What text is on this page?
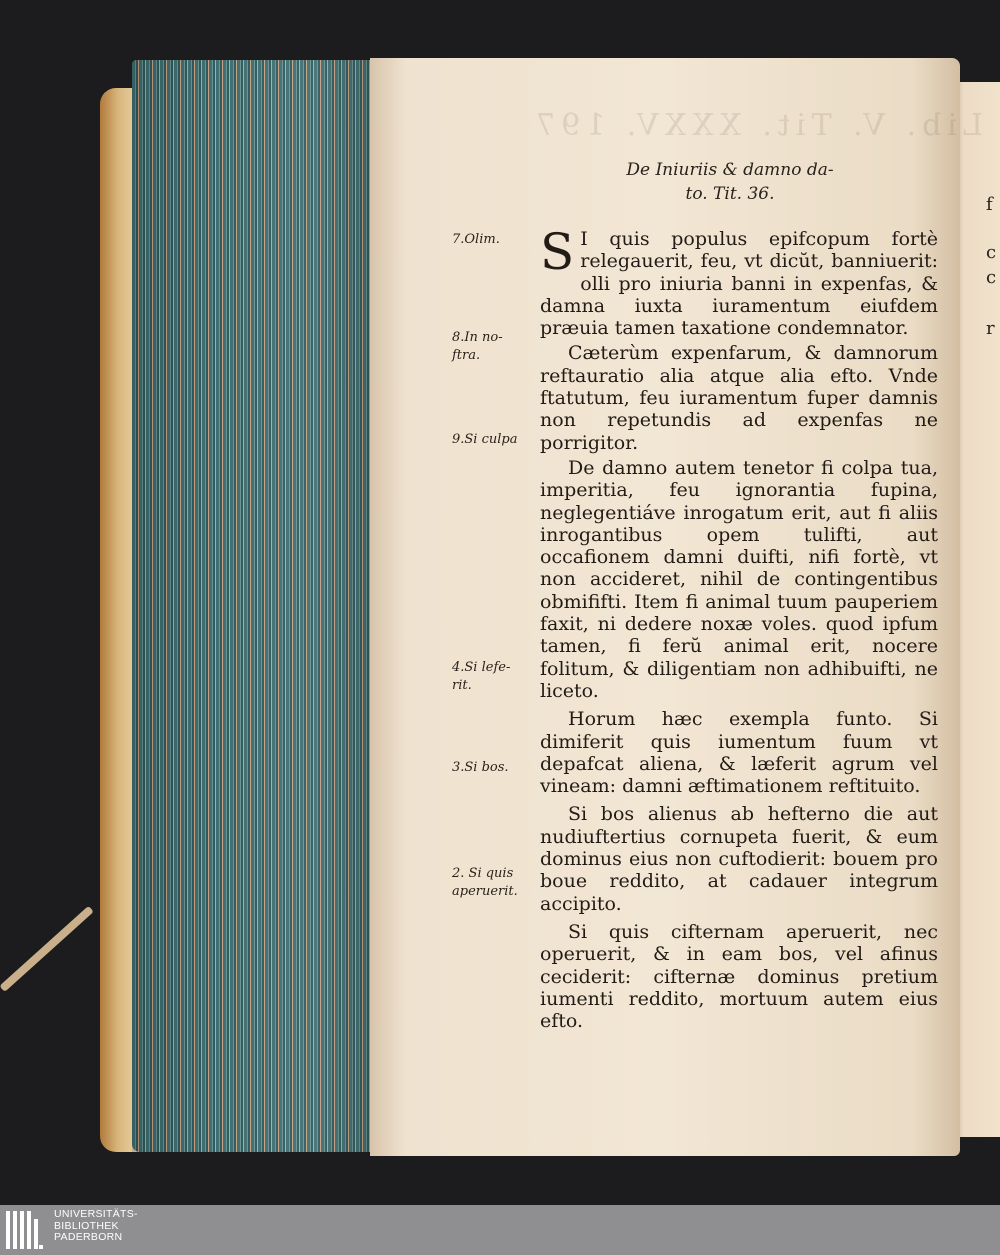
f
c
c
r
Lib. V. Tit. XXXV. 197
De Iniuriis & damno da-
to. Tit. 36.
7.Olim.
8.In no-
ftra.
9.Si culpa
4.Si lefe-
rit.
3.Si bos.
2. Si quis
aperuerit.
S I quis populus epifcopum fortè relegauerit, feu, vt dicŭt, banniuerit: olli pro iniuria banni in expenfas, & damna iuxta iuramentum eiufdem præuia tamen taxatione condemnator.

Cæterùm expenfarum, & damnorum reftauratio alia atque alia efto. Vnde ftatutum, feu iuramentum fuper damnis non repetundis ad expenfas ne porrigitor.

De damno autem tenetor fi colpa tua, imperitia, feu ignorantia fupina, neglegentiáve inrogatum erit, aut fi aliis inrogantibus opem tulifti, aut occafionem damni duifti, nifi fortè, vt non accideret, nihil de contingentibus obmififti. Item fi animal tuum pauperiem faxit, ni dedere noxæ voles. quod ipfum tamen, fi ferŭ animal erit, nocere folitum, & diligentiam non adhibuifti, ne liceto.

Horum hæc exempla funto. Si dimiferit quis iumentum fuum vt depafcat aliena, & læferit agrum vel vineam: damni æftimationem reftituito.

Si bos alienus ab hefterno die aut nudiuftertius cornupeta fuerit, & eum dominus eius non cuftodierit: bouem pro boue reddito, at cadauer integrum accipito.

Si quis cifternam aperuerit, nec operuerit, & in eam bos, vel afinus ceciderit: cifternæ dominus pretium iumenti reddito, mortuum autem eius efto.

UNIVERSITÄTS-
BIBLIOTHEK
PADERBORN
